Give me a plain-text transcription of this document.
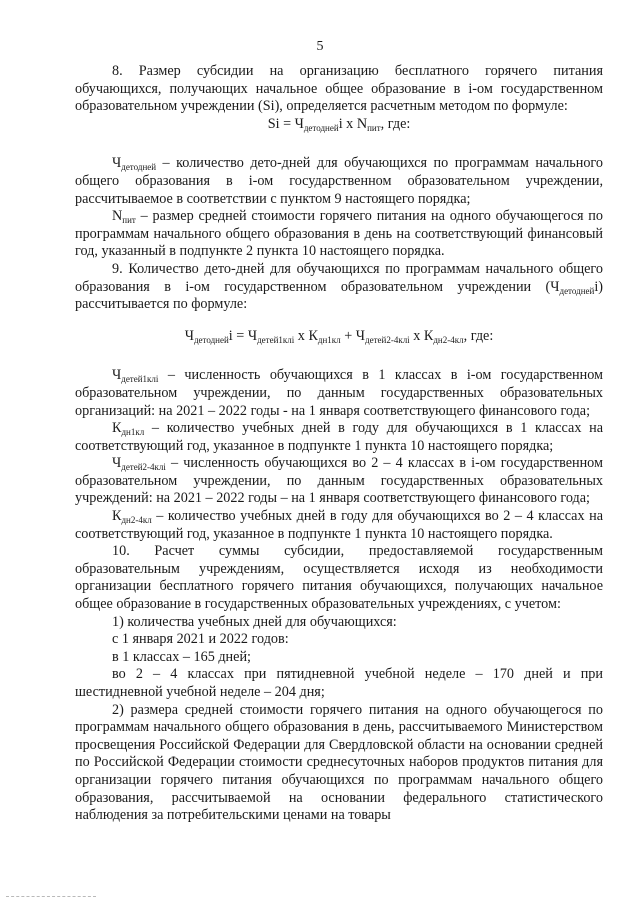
5

8. Размер субсидии на организацию бесплатного горячего питания обучающихся, получающих начальное общее образование в i-ом государственном образовательном учреждении (Si), определяется расчетным методом по формуле:

$Si = Ч_{детодней}i$ х $N_{пит}$, где:

$Ч_{детодней}$ – количество дето-дней для обучающихся по программам начального общего образования в i-ом государственном образовательном учреждении, рассчитываемое в соответствии с пунктом 9 настоящего порядка;

$N_{пит}$ – размер средней стоимости горячего питания на одного обучающегося по программам начального общего образования в день на соответствующий финансовый год, указанный в подпункте 2 пункта 10 настоящего порядка.

9. Количество дето-дней для обучающихся по программам начального общего образования в i-ом государственном образовательном учреждении $(Ч_{детодней}i)$ рассчитывается по формуле:

$Ч_{детодней}i = Ч_{детей1клi}$ х $К_{дн1кл} + Ч_{детей2-4клi}$ х $К_{дн2-4кл}$, где:

$Ч_{детей1клi}$ – численность обучающихся в 1 классах в i-ом государственном образовательном учреждении, по данным государственных образовательных организаций: на 2021 – 2022 годы - на 1 января соответствующего финансового года;

$К_{дн1кл}$ – количество учебных дней в году для обучающихся в 1 классах на соответствующий год, указанное в подпункте 1 пункта 10 настоящего порядка;

$Ч_{детей2-4клi}$ – численность обучающихся во 2 – 4 классах в i-ом государственном образовательном учреждении, по данным государственных образовательных учреждений: на 2021 – 2022 годы – на 1 января соответствующего финансового года;

$К_{дн2-4кл}$ – количество учебных дней в году для обучающихся во 2 – 4 классах на соответствующий год, указанное в подпункте 1 пункта 10 настоящего порядка.

10. Расчет суммы субсидии, предоставляемой государственным образовательным учреждениям, осуществляется исходя из необходимости организации бесплатного горячего питания обучающихся, получающих начальное общее образование в государственных образовательных учреждениях, с учетом:

1) количества учебных дней для обучающихся:

с 1 января 2021 и 2022 годов:

в 1 классах – 165 дней;

во 2 – 4 классах при пятидневной учебной неделе – 170 дней и при шестидневной учебной неделе – 204 дня;

2) размера средней стоимости горячего питания на одного обучающегося по программам начального общего образования в день, рассчитываемого Министерством просвещения Российской Федерации для Свердловской области на основании средней по Российской Федерации стоимости среднесуточных наборов продуктов питания для организации горячего питания обучающихся по программам начального общего образования, рассчитываемой на основании федерального статистического наблюдения за потребительскими ценами на товары
